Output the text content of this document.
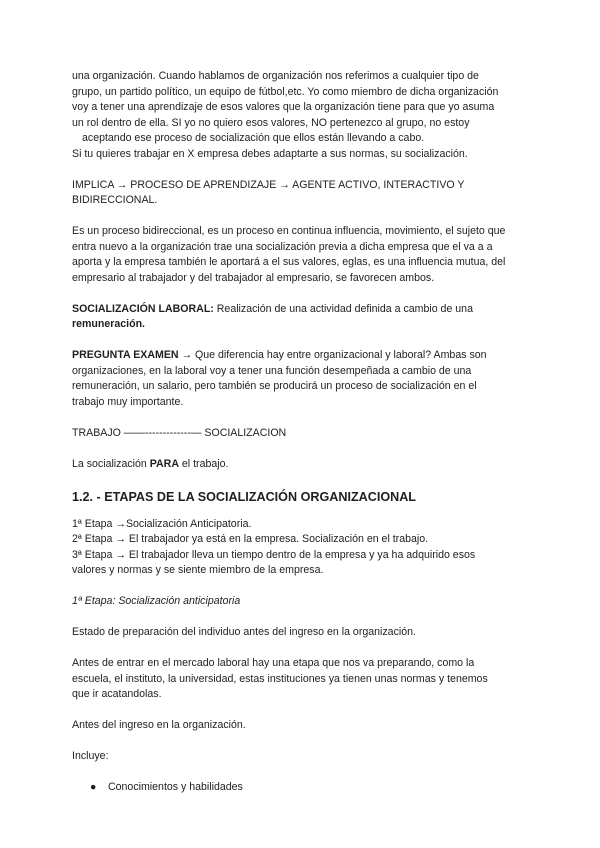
una organización. Cuando hablamos de organización nos referimos a cualquier tipo de

grupo, un partido político, un equipo de fútbol,etc. Yo como miembro de dicha organización

voy a tener una aprendizaje de esos valores que la organización tiene para que yo asuma

un rol dentro de ella. SI yo no quiero esos valores, NO pertenezco al grupo, no estoy

aceptando ese proceso de socialización que ellos están llevando a cabo.

Si tu quieres trabajar en X empresa debes adaptarte a sus normas, su socialización.

IMPLICA → PROCESO DE APRENDIZAJE → AGENTE ACTIVO, INTERACTIVO Y

BIDIRECCIONAL.

Es un proceso bidireccional, es un proceso en continua influencia, movimiento, el sujeto que

entra nuevo a la organización trae una socialización previa a dicha empresa que el va a a

aporta y la empresa también le aportará a el sus valores, eglas, es una influencia mutua, del

empresario al trabajador y del trabajador al empresario, se favorecen ambos.

SOCIALIZACIÓN LABORAL: Realización de una actividad definida a cambio de una

remuneración.

PREGUNTA EXAMEN → Que diferencia hay entre organizacional y laboral? Ambas son

organizaciones, en la laboral voy a tener una función desempeñada a cambio de una

remuneración, un salario, pero también se producirá un proceso de socialización en el

trabajo muy importante.

TRABAJO ——-------------— SOCIALIZACION

La socialización PARA el trabajo.

1.2. - ETAPAS DE LA SOCIALIZACIÓN ORGANIZACIONAL

1ª Etapa →Socialización Anticipatoria.

2ª Etapa → El trabajador ya está en la empresa. Socialización en el trabajo.

3ª Etapa → El trabajador lleva un tiempo dentro de la empresa y ya ha adquirido esos

valores y normas y se siente miembro de la empresa.

1ª Etapa: Socialización anticipatoria

Estado de preparación del individuo antes del ingreso en la organización.

Antes de entrar en el mercado laboral hay una etapa que nos va preparando, como la

escuela, el instituto, la universidad, estas instituciones ya tienen unas normas y tenemos

que ir acatandolas.

Antes del ingreso en la organización.

Incluye:

● Conocimientos y habilidades
